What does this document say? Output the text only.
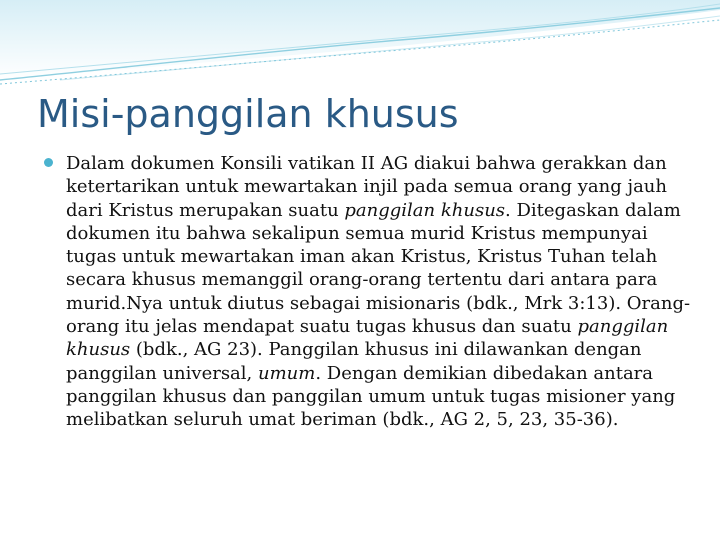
Misi-panggilan khusus

Dalam dokumen Konsili vatikan II AG diakui bahwa gerakkan dan ketertarikan untuk mewartakan injil pada semua orang yang jauh dari Kristus merupakan suatu panggilan khusus. Ditegaskan dalam dokumen itu bahwa sekalipun semua murid Kristus mempunyai tugas untuk mewartakan iman akan Kristus, Kristus Tuhan telah secara khusus memanggil orang-orang tertentu dari antara para murid.Nya untuk diutus sebagai misionaris (bdk., Mrk 3:13). Orang-orang itu jelas mendapat suatu tugas khusus dan suatu panggilan khusus (bdk., AG 23). Panggilan khusus ini dilawankan dengan panggilan universal, umum. Dengan demikian dibedakan antara panggilan khusus dan panggilan umum untuk tugas misioner yang melibatkan seluruh umat beriman (bdk., AG 2, 5, 23, 35-36).
